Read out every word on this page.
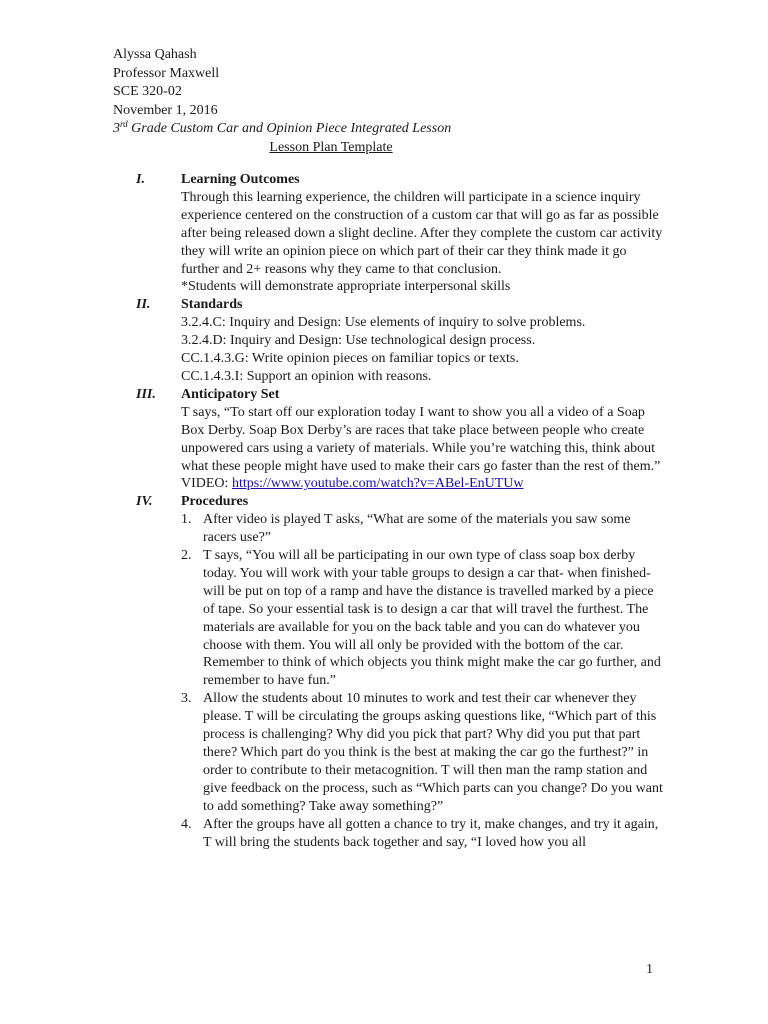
Alyssa Qahash
Professor Maxwell
SCE 320-02
November 1, 2016
3rd Grade Custom Car and Opinion Piece Integrated Lesson
Lesson Plan Template
I.	Learning Outcomes

Through this learning experience, the children will participate in a science inquiry experience centered on the construction of a custom car that will go as far as possible after being released down a slight decline. After they complete the custom car activity they will write an opinion piece on which part of their car they think made it go further and 2+ reasons why they came to that conclusion.

*Students will demonstrate appropriate interpersonal skills

II. Standards

3.2.4.C: Inquiry and Design: Use elements of inquiry to solve problems.

3.2.4.D: Inquiry and Design: Use technological design process.

CC.1.4.3.G: Write opinion pieces on familiar topics or texts.

CC.1.4.3.I: Support an opinion with reasons.

III. Anticipatory Set

T says, “To start off our exploration today I want to show you all a video of a Soap Box Derby. Soap Box Derby’s are races that take place between people who create unpowered cars using a variety of materials. While you’re watching this, think about what these people might have used to make their cars go faster than the rest of them.”

VIDEO: https://www.youtube.com/watch?v=ABel-EnUTUw

IV. Procedures
1. After video is played T asks, “What are some of the materials you saw some racers use?”
2. T says, “You will all be participating in our own type of class soap box derby today. You will work with your table groups to design a car that- when finished- will be put on top of a ramp and have the distance is travelled marked by a piece of tape. So your essential task is to design a car that will travel the furthest. The materials are available for you on the back table and you can do whatever you choose with them. You will all only be provided with the bottom of the car. Remember to think of which objects you think might make the car go further, and remember to have fun.”
3. Allow the students about 10 minutes to work and test their car whenever they please. T will be circulating the groups asking questions like, “Which part of this process is challenging? Why did you pick that part? Why did you put that part there? Which part do you think is the best at making the car go the furthest?” in order to contribute to their metacognition. T will then man the ramp station and give feedback on the process, such as “Which parts can you change? Do you want to add something? Take away something?”
4. After the groups have all gotten a chance to try it, make changes, and try it again, T will bring the students back together and say, “I loved how you all
1
